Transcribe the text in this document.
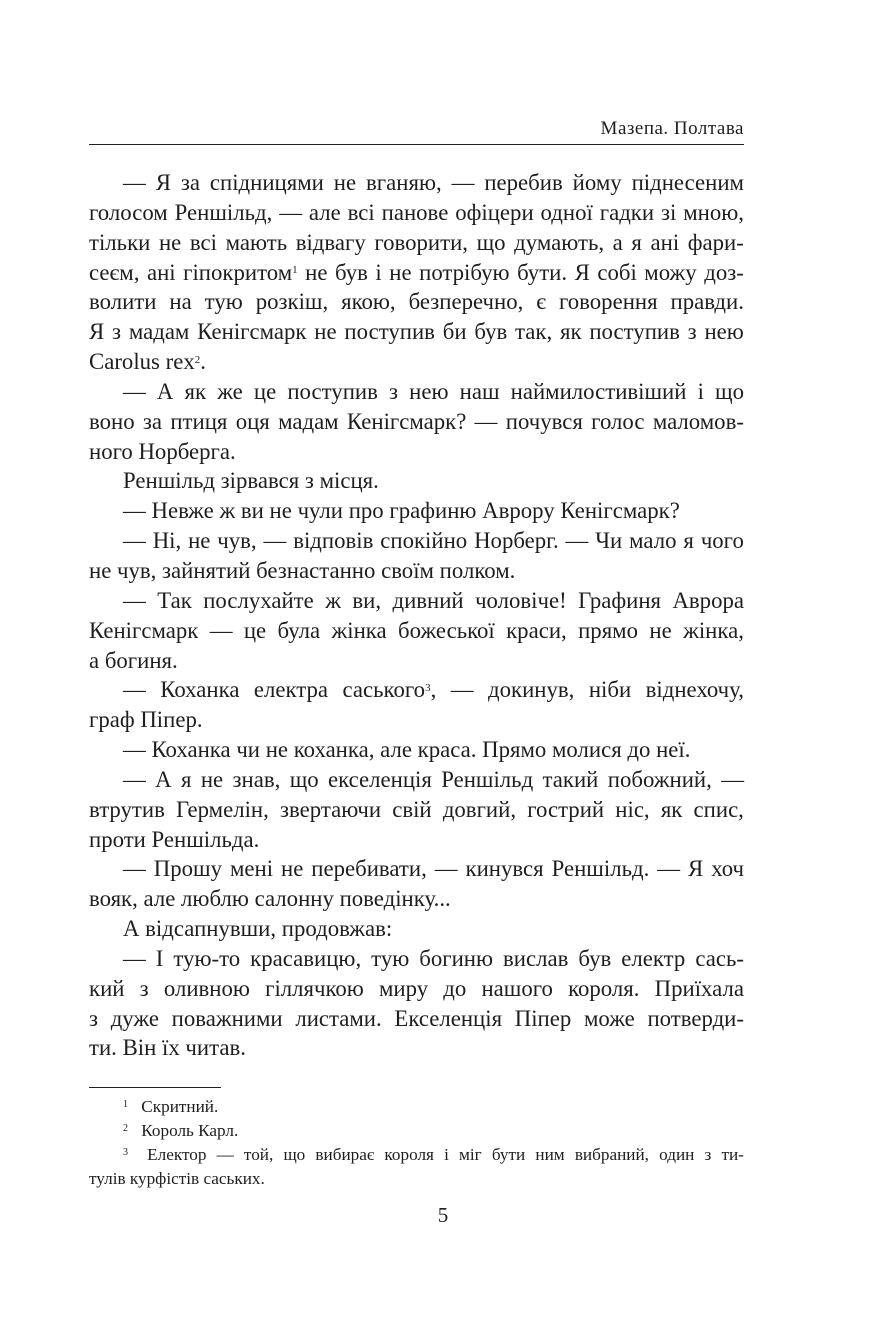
Мазепа. Полтава
— Я за спідницями не вганяю, — перебив йому піднесеним
голосом Реншільд, — але всі панове офіцери одної гадки зі мною,
тільки не всі мають відвагу говорити, що думають, а я ані фари-
сеєм, ані гіпокритом$^1$ не був і не потрібую бути. Я собі можу доз-
волити на тую розкіш, якою, безперечно, є говорення правди.
Я з мадам Кенігсмарк не поступив би був так, як поступив з нею
Carolus rex$^2$.
— А як же це поступив з нею наш наймилостивіший і що
воно за птиця оця мадам Кенігсмарк? — почувся голос маломов-
ного Норберга.
Реншільд зірвався з місця.
— Невже ж ви не чули про графиню Аврору Кенігсмарк?
— Ні, не чув, — відповів спокійно Норберг. — Чи мало я чого
не чув, зайнятий безнастанно своїм полком.
— Так послухайте ж ви, дивний чоловіче! Графиня Аврора
Кенігсмарк — це була жінка божеської краси, прямо не жінка,
а богиня.
— Коханка електра саського$^3$, — докинув, ніби віднехочу,
граф Піпер.
— Коханка чи не коханка, але краса. Прямо молися до неї.
— А я не знав, що екселенція Реншільд такий побожний, —
втрутив Гермелін, звертаючи свій довгий, гострий ніс, як спис,
проти Реншільда.
— Прошу мені не перебивати, — кинувся Реншільд. — Я хоч
вояк, але люблю салонну поведінку...
А відсапнувши, продовжав:
— І тую-то красавицю, тую богиню вислав був електр сась-
кий з оливною гіллячкою миру до нашого короля. Приїхала
з дуже поважними листами. Екселенція Піпер може потверди-
ти. Він їх читав.
$^1$ Скритний.
$^2$ Король Карл.
$^3$	Електор — той, що вибирає короля і міг бути ним вибраний, один з ти-
тулів курфістів саських.
5
